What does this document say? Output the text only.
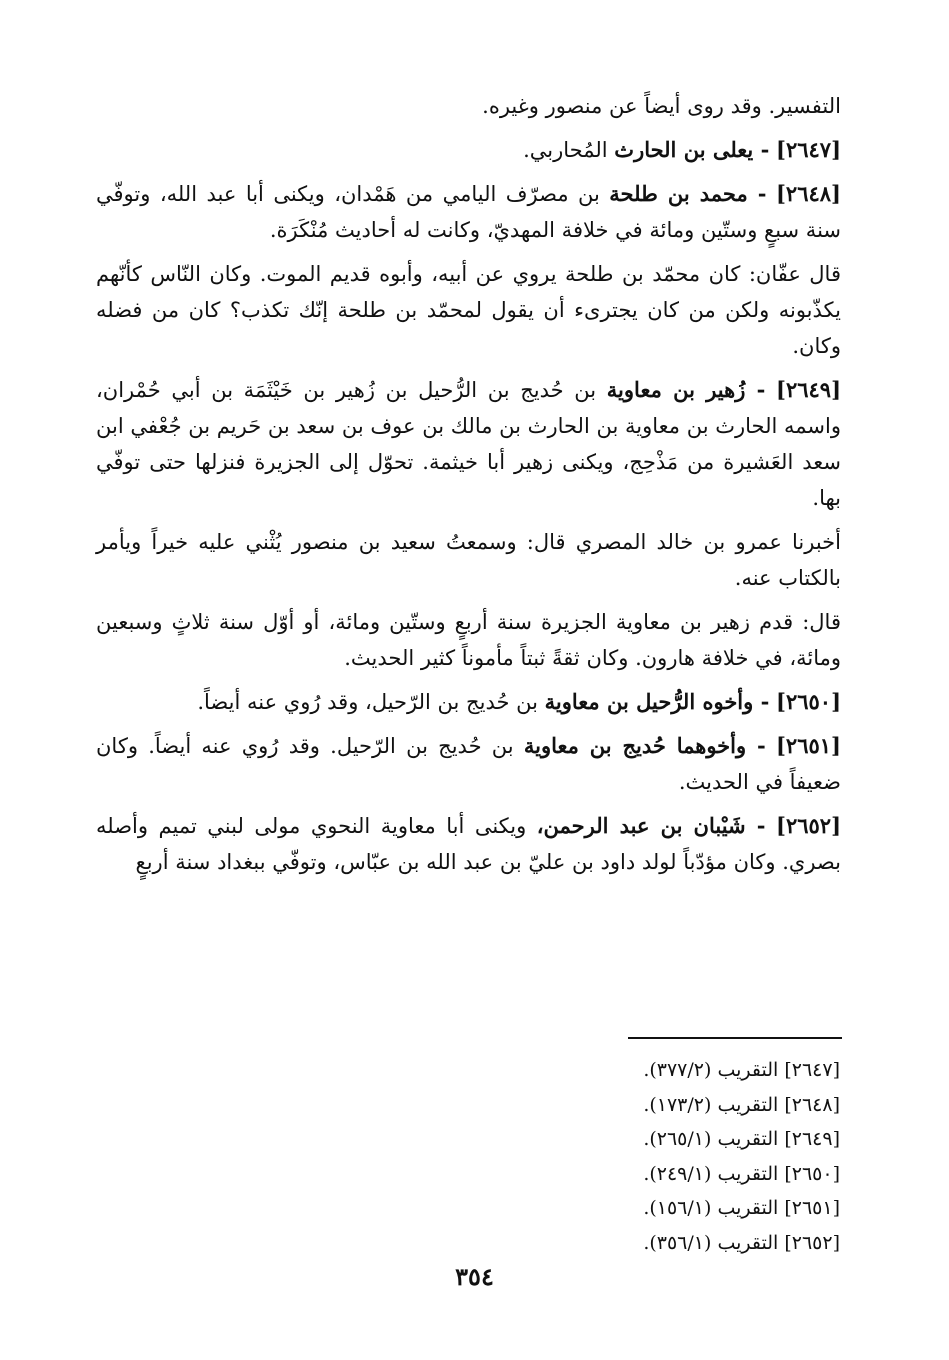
التفسير. وقد روى أيضاً عن منصور وغيره.

[٢٦٤٧] - يعلى بن الحارث المُحاربي.

[٢٦٤٨] - محمد بن طلحة بن مصرّف اليامي من هَمْدان، ويكنى أبا عبد الله، وتوفّي سنة سبعٍ وستّين ومائة في خلافة المهديّ، وكانت له أحاديث مُنْكَرَة.

قال عفّان: كان محمّد بن طلحة يروي عن أبيه، وأبوه قديم الموت. وكان النّاس كأنّهم يكذّبونه ولكن من كان يجترىء أن يقول لمحمّد بن طلحة إنّك تكذب؟ كان من فضله وكان.

[٢٦٤٩] - زُهير بن معاوية بن حُديج بن الرُّحيل بن زُهير بن خَيْثَمَة بن أبي حُمْران، واسمه الحارث بن معاوية بن الحارث بن مالك بن عوف بن سعد بن حَريم بن جُعْفي ابن سعد العَشيرة من مَذْحِج، ويكنى زهير أبا خيثمة. تحوّل إلى الجزيرة فنزلها حتى توفّي بها.

أخبرنا عمرو بن خالد المصري قال: وسمعتُ سعيد بن منصور يُثْني عليه خيراً ويأمر بالكتاب عنه.

قال: قدم زهير بن معاوية الجزيرة سنة أربعٍ وستّين ومائة، أو أوّل سنة ثلاثٍ وسبعين ومائة، في خلافة هارون. وكان ثقةً ثبتاً مأموناً كثير الحديث.

[٢٦٥٠] - وأخوه الرُّحيل بن معاوية بن حُديج بن الرّحيل، وقد رُوي عنه أيضاً.

[٢٦٥١] - وأخوهما حُديج بن معاوية بن حُديج بن الرّحيل. وقد رُوي عنه أيضاً. وكان ضعيفاً في الحديث.

[٢٦٥٢] - شَيْبان بن عبد الرحمن، ويكنى أبا معاوية النحوي مولى لبني تميم وأصله بصري. وكان مؤدّباً لولد داود بن عليّ بن عبد الله بن عبّاس، وتوفّي ببغداد سنة أربعٍ

[٢٦٤٧] التقريب (٣٧٧/٢).
[٢٦٤٨] التقريب (١٧٣/٢).
[٢٦٤٩] التقريب (٢٦٥/١).
[٢٦٥٠] التقريب (٢٤٩/١).
[٢٦٥١] التقريب (١٥٦/١).
[٢٦٥٢] التقريب (٣٥٦/١).
٣٥٤
